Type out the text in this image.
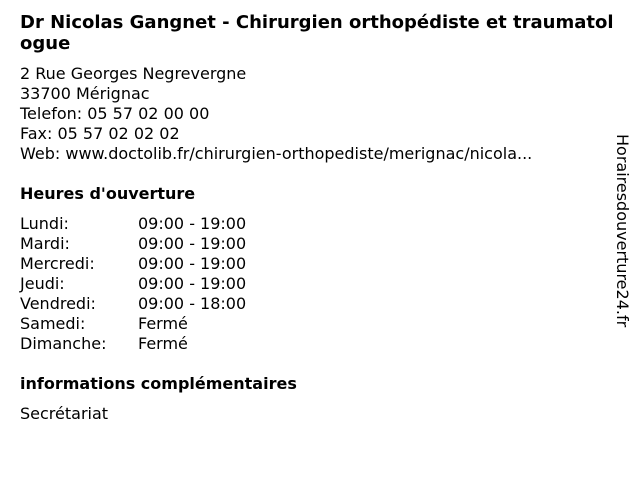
Dr Nicolas Gangnet - Chirurgien orthopédiste et traumatologue
2 Rue Georges Negrevergne
33700 Mérignac
Telefon: 05 57 02 00 00
Fax: 05 57 02 02 02
Web: www.doctolib.fr/chirurgien-orthopediste/merignac/nicola...
Heures d'ouverture
Lundi:	09:00 - 19:00
Mardi:	09:00 - 19:00
Mercredi:	09:00 - 19:00
Jeudi:	09:00 - 19:00
Vendredi:	09:00 - 18:00
Samedi:	Fermé
Dimanche:	Fermé
informations complémentaires
Secrétariat
Horairesdouverture24.fr
